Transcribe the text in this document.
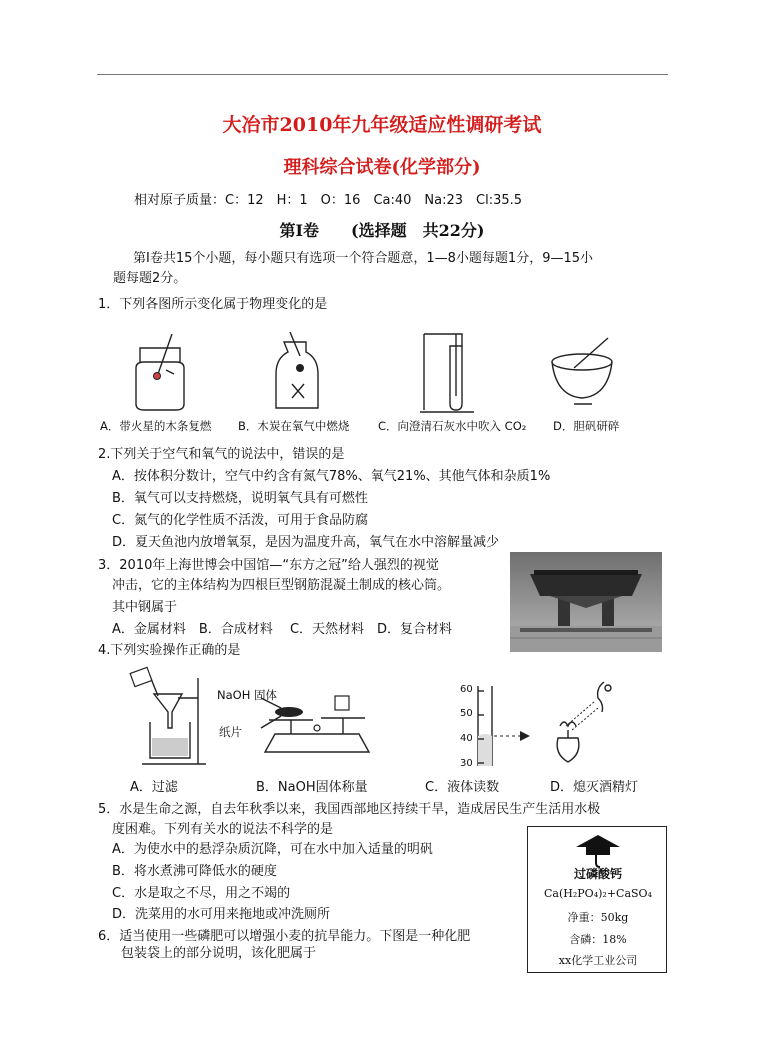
大冶市2010年九年级适应性调研考试
理科综合试卷(化学部分)
相对原子质量：C：12　H：1　O：16　Ca:40　Na:23　Cl:35.5
第Ⅰ卷　　(选择题　共22分)
第Ⅰ卷共15个小题，每小题只有选项一个符合题意，1—8小题每题1分，9—15小
题每题2分。
1．下列各图所示变化属于物理变化的是
A．带火星的木条复燃 B．木炭在氧气中燃烧 C．向澄清石灰水中吹入 CO₂ D．胆矾研碎
2.下列关于空气和氧气的说法中，错误的是
A．按体积分数计，空气中约含有氮气78%、氧气21%、其他气体和杂质1%
B．氧气可以支持燃烧，说明氧气具有可燃性
C．氮气的化学性质不活泼，可用于食品防腐
D．夏天鱼池内放增氧泵，是因为温度升高，氧气在水中溶解量减少
3．2010年上海世博会中国馆—“东方之冠”给人强烈的视觉
冲击，它的主体结构为四根巨型钢筋混凝土制成的核心筒。
其中钢属于
A．金属材料　B．合成材料　 C．天然材料　D．复合材料
4.下列实验操作正确的是
NaOH 固体
纸片
60
50
40
30
A．过滤	B．NaOH固体称量	C．液体读数	D．熄灭酒精灯
5．水是生命之源，自去年秋季以来，我国西部地区持续干旱，造成居民生产生活用水极
度困难。下列有关水的说法不科学的是
A．为使水中的悬浮杂质沉降，可在水中加入适量的明矾
B．将水煮沸可降低水的硬度
C．水是取之不尽，用之不竭的
D．洗菜用的水可用来拖地或冲洗厕所
6．适当使用一些磷肥可以增强小麦的抗旱能力。下图是一种化肥
包装袋上的部分说明，该化肥属于
过磷酸钙
Ca(H₂PO₄)₂+CaSO₄
净重：50kg
含磷：18%
xx化学工业公司
